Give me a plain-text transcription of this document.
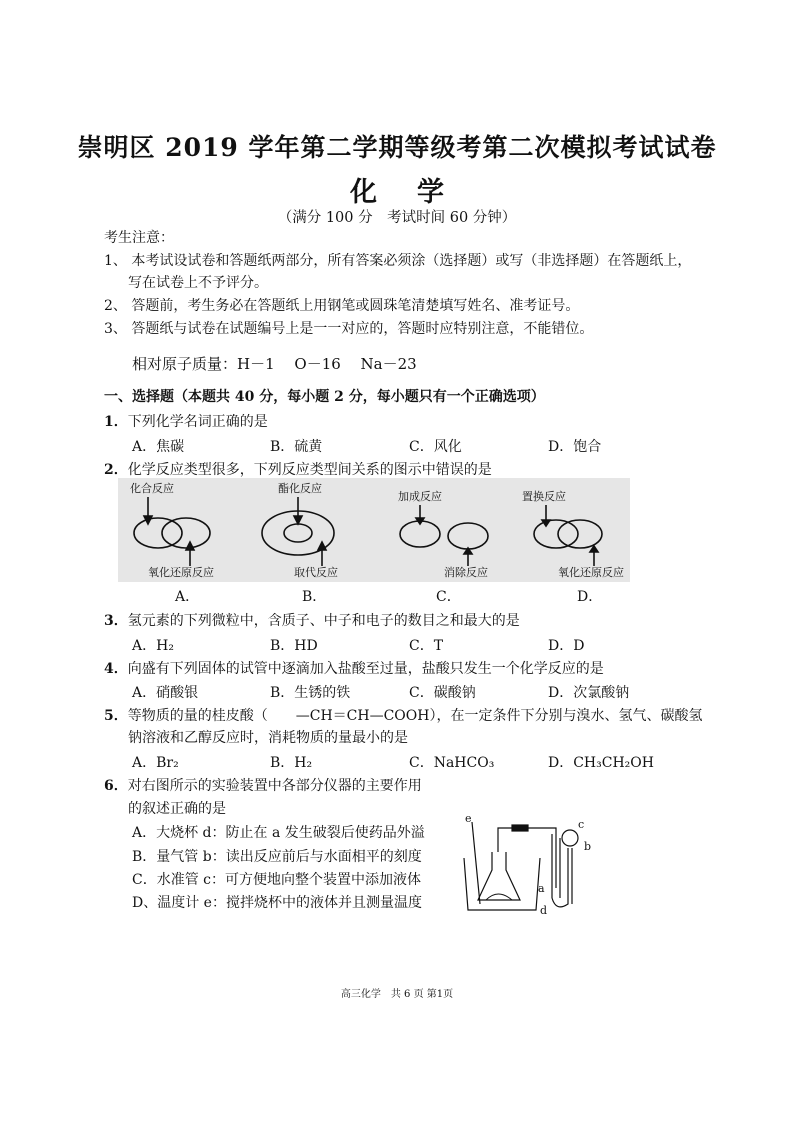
崇明区 2019 学年第二学期等级考第二次模拟考试试卷
化学
（满分 100 分　考试时间 60 分钟）
考生注意：
1、 本考试设试卷和答题纸两部分，所有答案必须涂（选择题）或写（非选择题）在答题纸上，
写在试卷上不予评分。
2、 答题前，考生务必在答题纸上用钢笔或圆珠笔清楚填写姓名、准考证号。
3、 答题纸与试卷在试题编号上是一一对应的，答题时应特别注意，不能错位。
相对原子质量：H－1　 O－16　 Na－23
一、选择题（本题共 40 分，每小题 2 分，每小题只有一个正确选项）
1．下列化学名词正确的是
A．焦碳	B．硫黄	C．风化	D．饱合
2．化学反应类型很多，下列反应类型间关系的图示中错误的是
化合反应
氧化还原反应
酯化反应
取代反应
加成反应
消除反应
置换反应
氧化还原反应
A．	B．	C．	D．
3．氢元素的下列微粒中，含质子、中子和电子的数目之和最大的是
A．H₂	B．HD	C．T	D．D
4．向盛有下列固体的试管中逐滴加入盐酸至过量，盐酸只发生一个化学反应的是
A．硝酸银	B．生锈的铁	C．碳酸钠	D．次氯酸钠
5．等物质的量的桂皮酸（　　—CH＝CH—COOH），在一定条件下分别与溴水、氢气、碳酸氢
钠溶液和乙醇反应时，消耗物质的量最小的是
A．Br₂	B．H₂	C．NaHCO₃	D．CH₃CH₂OH
6．对右图所示的实验装置中各部分仪器的主要作用
的叙述正确的是
A．大烧杯 d：防止在 a 发生破裂后使药品外溢
B．量气管 b：读出反应前后与水面相平的刻度
C．水准管 c：可方便地向整个装置中添加液体
D、温度计 e：搅拌烧杯中的液体并且测量温度
e	c
b
a
d
高三化学　共 6 页 第1页
